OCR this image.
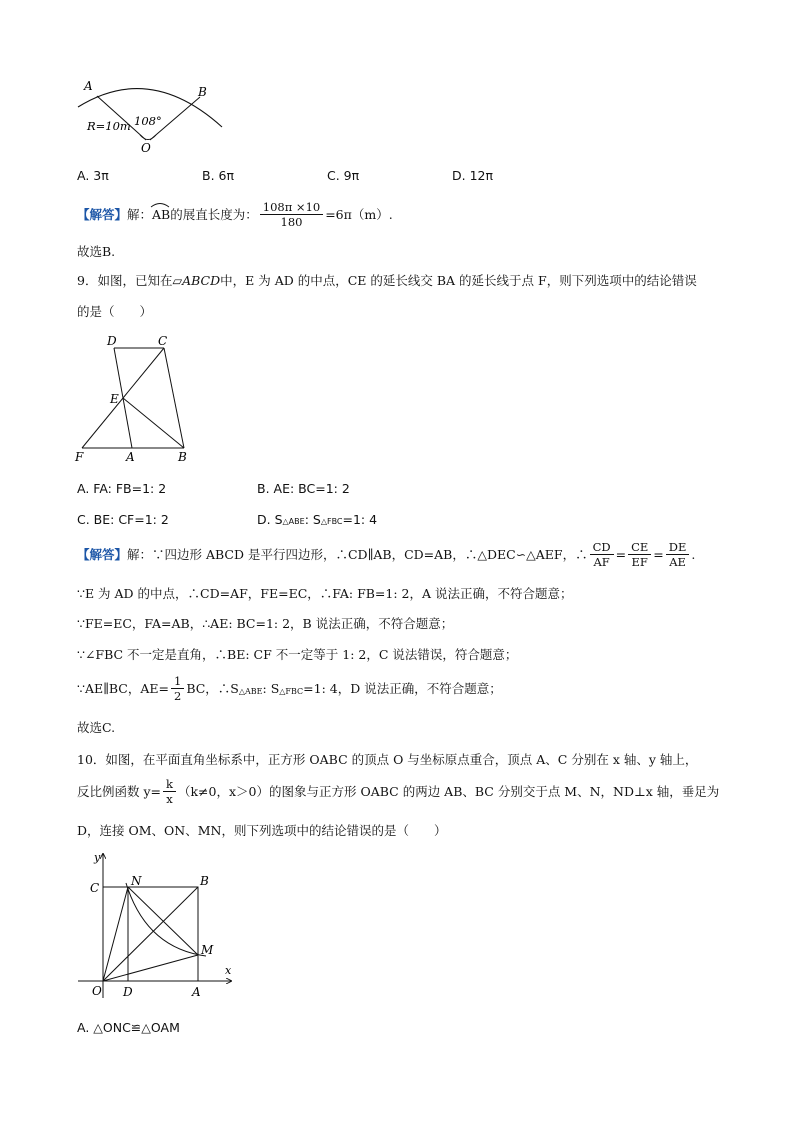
A	B
O
R=10m 108°
A. 3π	B. 6π	C. 9π	D. 12π
【解答】 解： AB 的展直长度为： $\frac{108\pi \times 10}{180} =6\pi(m)$.
故选B.
9．如图，已知在▱ABCD中，E 为 AD 的中点，CE 的延长线交 BA 的延长线于点 F，则下列选项中的结论错误
的是（　　）
D	C
E
F	A	B
A. FA: FB=1: 2	B. AE: BC=1: 2
C. BE: CF=1: 2	D. S△ABE: S△FBC=1: 4
【解答】 解：∵四边形 ABCD 是平行四边形，∴CD∥AB，CD=AB，∴△DEC∽△AEF，∴ $\frac{CD}{AF} = \frac{CE}{EF} = \frac{DE}{AE}$ .
∵E 为 AD 的中点，∴CD=AF，FE=EC，∴FA: FB=1: 2，A 说法正确，不符合题意；
∵FE=EC，FA=AB，∴AE: BC=1: 2，B 说法正确，不符合题意；
∵∠FBC 不一定是直角，∴BE: CF 不一定等于 1: 2，C 说法错误，符合题意；
∵AE∥BC，$AE= \frac{1}{2}$ BC，∴S △ABE : S △FBC =1: 4，D 说法正确，不符合题意；
故选C.
10．如图，在平面直角坐标系中，正方形 OABC 的顶点 O 与坐标原点重合，顶点 A、C 分别在 x 轴、y 轴上，
反比例函数 $y= \frac{k}{x} (k\ne 0$，x＞0）的图象与正方形 OABC 的两边 AB、BC 分别交于点 M、N，ND⊥x 轴，垂足为
D，连接 OM、ON、MN，则下列选项中的结论错误的是（　　）
y
x
C	N	B
M
O D	A
A. △ONC≌△OAM
